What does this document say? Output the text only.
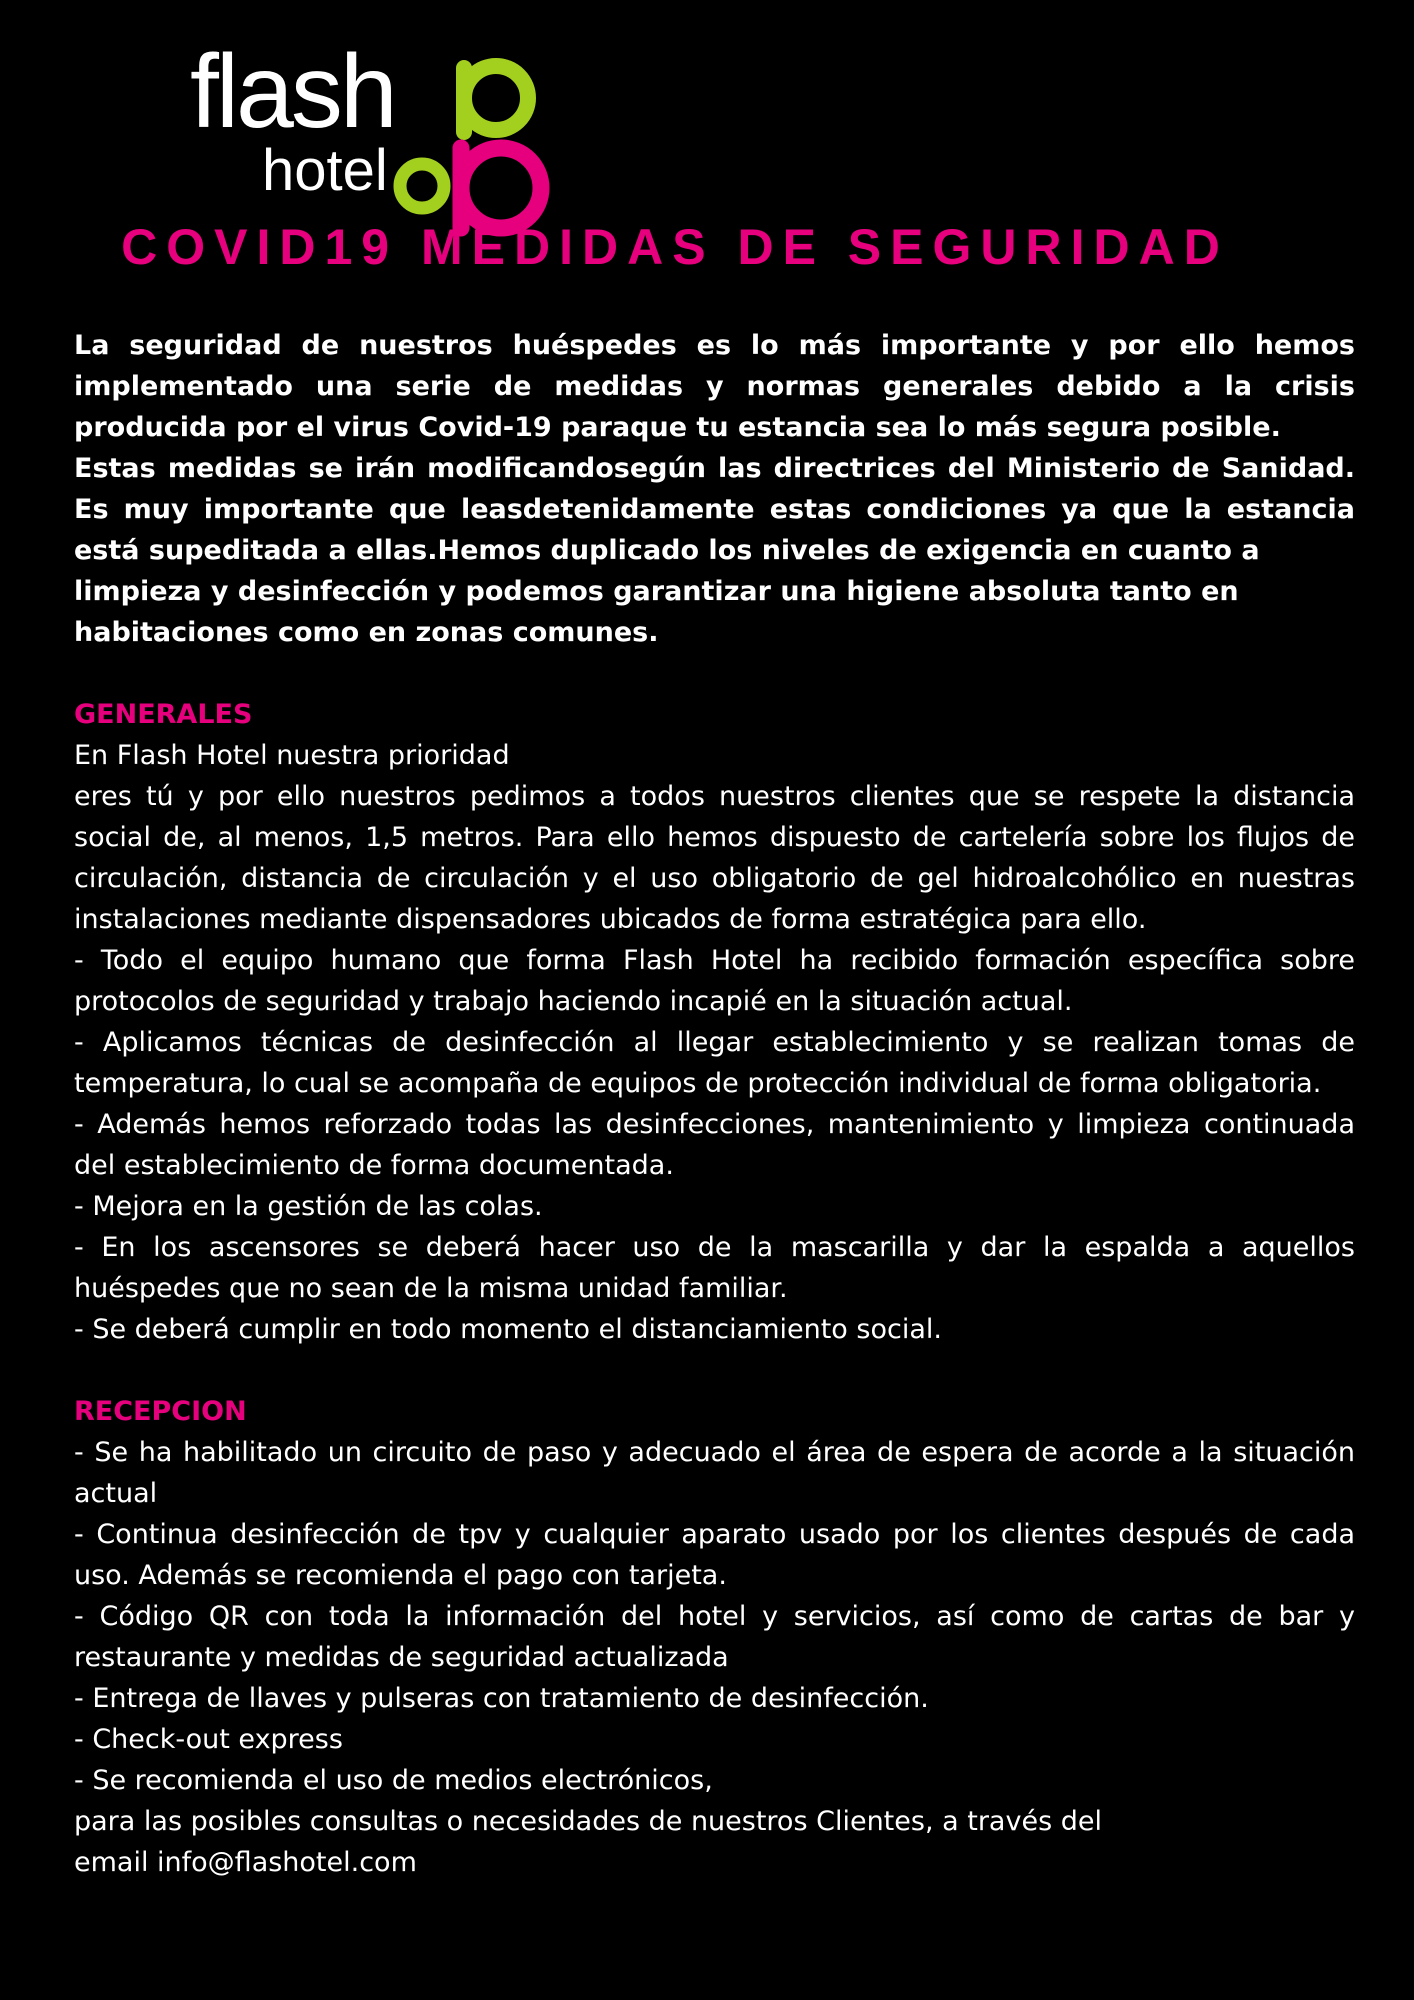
flash
hotel
COVID19 MEDIDAS DE SEGURIDAD

La seguridad de nuestros huéspedes es lo más importante y por ello hemos implementado una serie de medidas y normas generales debido a la crisis producida por el virus Covid-19 paraque tu estancia sea lo más segura posible.

Estas medidas se irán modificandosegún las directrices del Ministerio de Sanidad. Es muy importante que leasdetenidamente estas condiciones ya que la estancia está supeditada a ellas.Hemos duplicado los niveles de exigencia en cuanto a

limpieza y desinfección y podemos garantizar una higiene absoluta tanto en habitaciones como en zonas comunes.

GENERALES

En Flash Hotel nuestra prioridad

eres tú y por ello nuestros pedimos a todos nuestros clientes que se respete la distancia social de, al menos, 1,5 metros. Para ello hemos dispuesto de cartelería sobre los flujos de circulación, distancia de circulación y el uso obligatorio de gel hidroalcohólico en nuestras instalaciones mediante dispensadores ubicados de forma estratégica para ello.

- Todo el equipo humano que forma Flash Hotel ha recibido formación específica sobre protocolos de seguridad y trabajo haciendo incapié en la situación actual.

- Aplicamos técnicas de desinfección al llegar establecimiento y se realizan tomas de temperatura, lo cual se acompaña de equipos de protección individual de forma obligatoria.

- Además hemos reforzado todas las desinfecciones, mantenimiento y limpieza continuada del establecimiento de forma documentada.

- Mejora en la gestión de las colas.

- En los ascensores se deberá hacer uso de la mascarilla y dar la espalda a aquellos huéspedes que no sean de la misma unidad familiar.

- Se deberá cumplir en todo momento el distanciamiento social.

RECEPCION

- Se ha habilitado un circuito de paso y adecuado el área de espera de acorde a la situación actual

- Continua desinfección de tpv y cualquier aparato usado por los clientes después de cada uso. Además se recomienda el pago con tarjeta.

- Código QR con toda la información del hotel y servicios, así como de cartas de bar y restaurante y medidas de seguridad actualizada

- Entrega de llaves y pulseras con tratamiento de desinfección.

- Check-out express

- Se recomienda el uso de medios electrónicos,

para las posibles consultas o necesidades de nuestros Clientes, a través del

email info@flashotel.com
